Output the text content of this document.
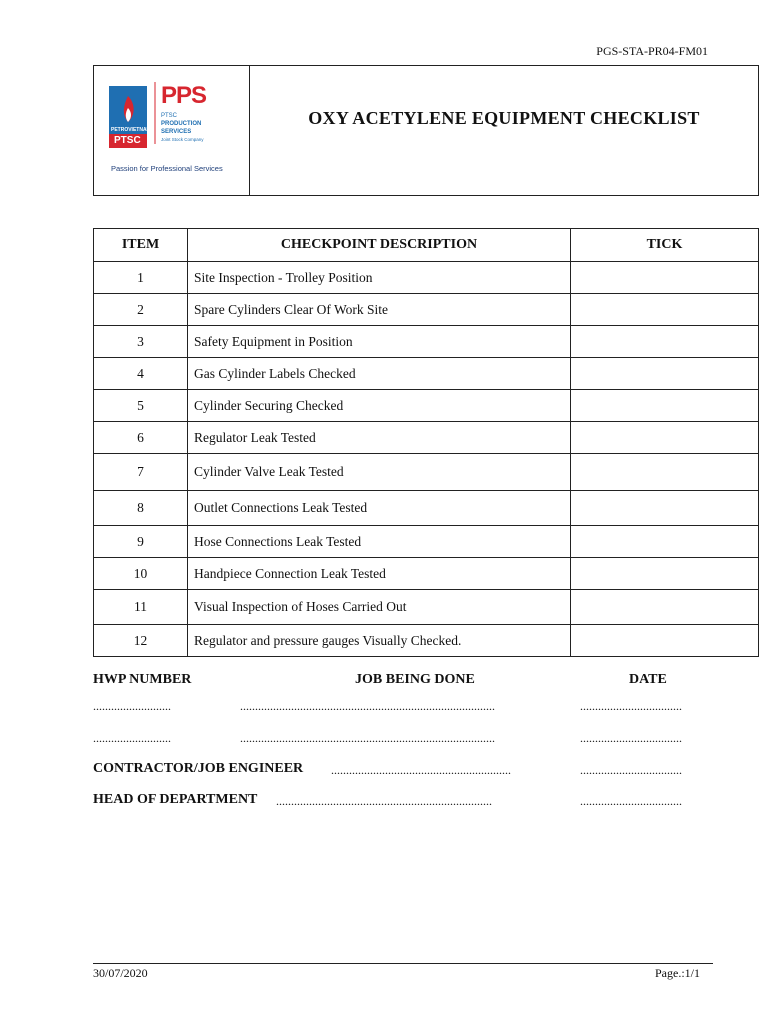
PGS-STA-PR04-FM01
PETROVIETNAM
PTSC
PPS
PTSC
PRODUCTION
SERVICES
Joint Stock Company
Passion for Professional Services
OXY ACETYLENE EQUIPMENT CHECKLIST
ITEM	CHECKPOINT DESCRIPTION	TICK
1	Site Inspection - Trolley Position	
2	Spare Cylinders Clear Of Work Site	
3	Safety Equipment in Position	
4	Gas Cylinder Labels Checked	
5	Cylinder Securing Checked	
6	Regulator Leak Tested	
7	Cylinder Valve Leak Tested	
8	Outlet Connections Leak Tested	
9	Hose Connections Leak Tested	
10	Handpiece Connection Leak Tested	
11	Visual Inspection of Hoses Carried Out	
12	Regulator and pressure gauges Visually Checked.	
HWP NUMBER	JOB BEING DONE	DATE
..........................	.....................................................................................	..................................
..........................	.....................................................................................	..................................
CONTRACTOR/JOB ENGINEER ............................................................	..................................
HEAD OF DEPARTMENT ........................................................................	..................................
30/07/2020	Page.:1/1
